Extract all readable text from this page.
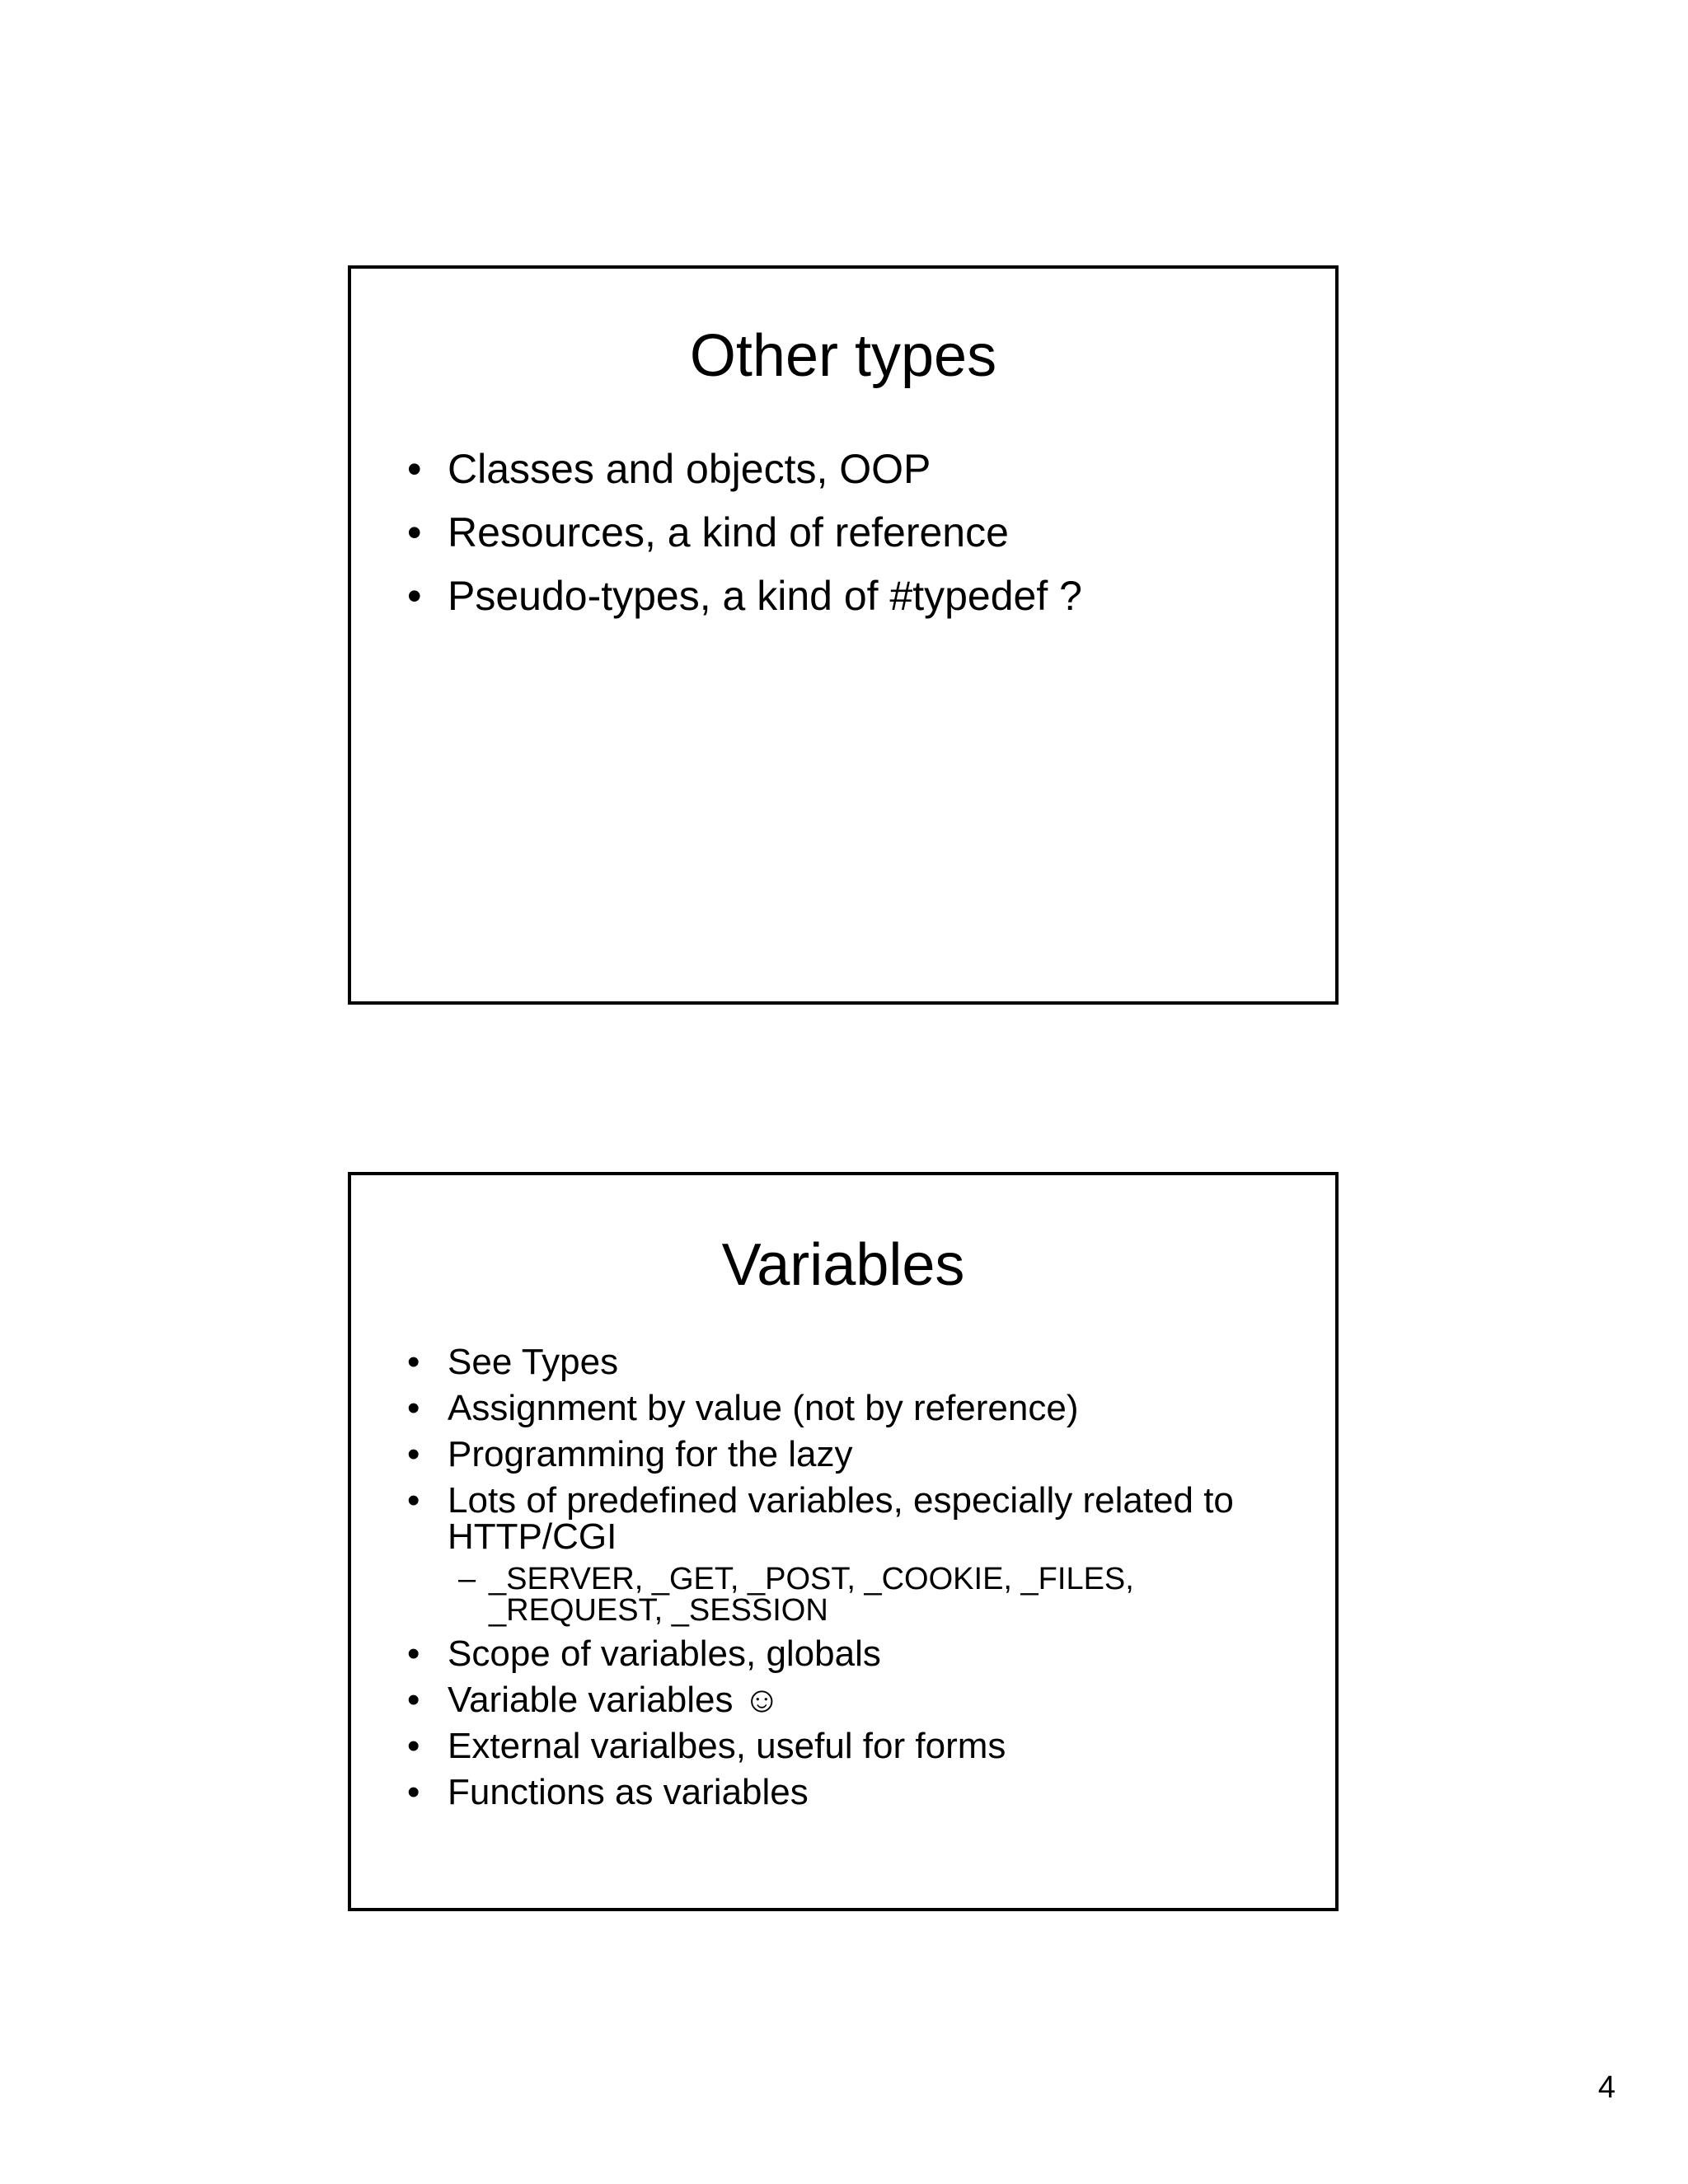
Other types
• Classes and objects, OOP
• Resources, a kind of reference
• Pseudo-types, a kind of #typedef ?
Variables
• See Types
• Assignment by value (not by reference)
• Programming for the lazy
• Lots of predefined variables, especially related to HTTP/CGI
– _SERVER, _GET, _POST, _COOKIE, _FILES, _REQUEST, _SESSION
• Scope of variables, globals
• Variable variables ☺
• External varialbes, useful for forms
• Functions as variables
4
